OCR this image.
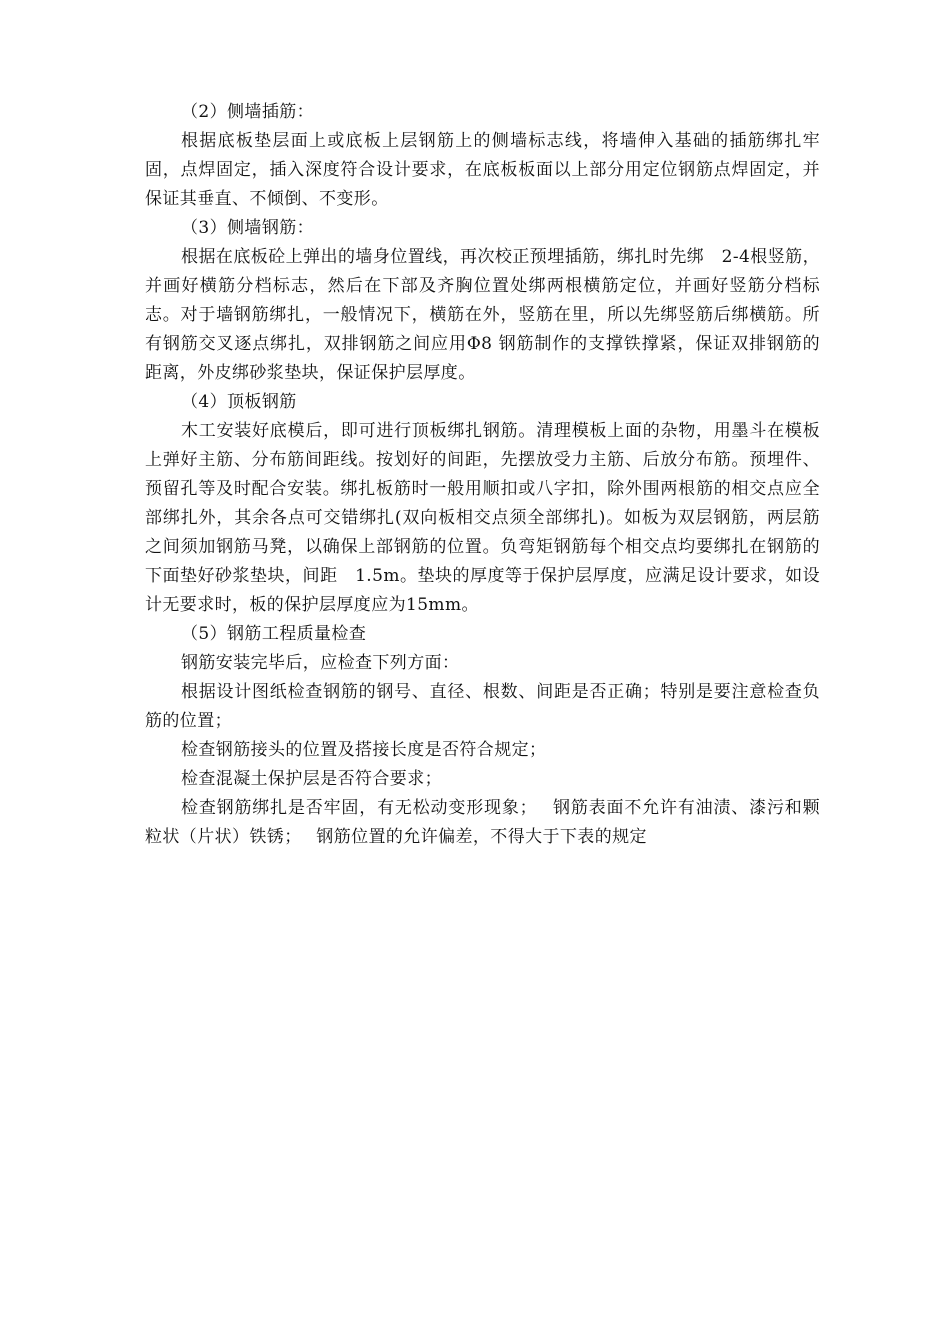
（2）侧墙插筋：

根据底板垫层面上或底板上层钢筋上的侧墙标志线，将墙伸入基础的插筋绑扎牢固，点焊固定，插入深度符合设计要求，在底板板面以上部分用定位钢筋点焊固定，并保证其垂直、不倾倒、不变形。

（3）侧墙钢筋：

根据在底板砼上弹出的墙身位置线，再次校正预埋插筋，绑扎时先绑　2-4根竖筋，并画好横筋分档标志，然后在下部及齐胸位置处绑两根横筋定位，并画好竖筋分档标志。对于墙钢筋绑扎，一般情况下，横筋在外，竖筋在里，所以先绑竖筋后绑横筋。所有钢筋交叉逐点绑扎，双排钢筋之间应用Φ8 钢筋制作的支撑铁撑紧，保证双排钢筋的距离，外皮绑砂浆垫块，保证保护层厚度。

（4）顶板钢筋

木工安装好底模后，即可进行顶板绑扎钢筋。清理模板上面的杂物，用墨斗在模板上弹好主筋、分布筋间距线。按划好的间距，先摆放受力主筋、后放分布筋。预埋件、预留孔等及时配合安装。绑扎板筋时一般用顺扣或八字扣，除外围两根筋的相交点应全部绑扎外，其余各点可交错绑扎(双向板相交点须全部绑扎)。如板为双层钢筋，两层筋之间须加钢筋马凳，以确保上部钢筋的位置。负弯矩钢筋每个相交点均要绑扎在钢筋的下面垫好砂浆垫块，间距　1.5m。垫块的厚度等于保护层厚度，应满足设计要求，如设计无要求时，板的保护层厚度应为15mm。

（5）钢筋工程质量检查

钢筋安装完毕后，应检查下列方面：

根据设计图纸检查钢筋的钢号、直径、根数、间距是否正确；特别是要注意检查负筋的位置；

检查钢筋接头的位置及搭接长度是否符合规定；

检查混凝土保护层是否符合要求；

检查钢筋绑扎是否牢固，有无松动变形现象；　 钢筋表面不允许有油渍、漆污和颗粒状（片状）铁锈；　 钢筋位置的允许偏差，不得大于下表的规定
